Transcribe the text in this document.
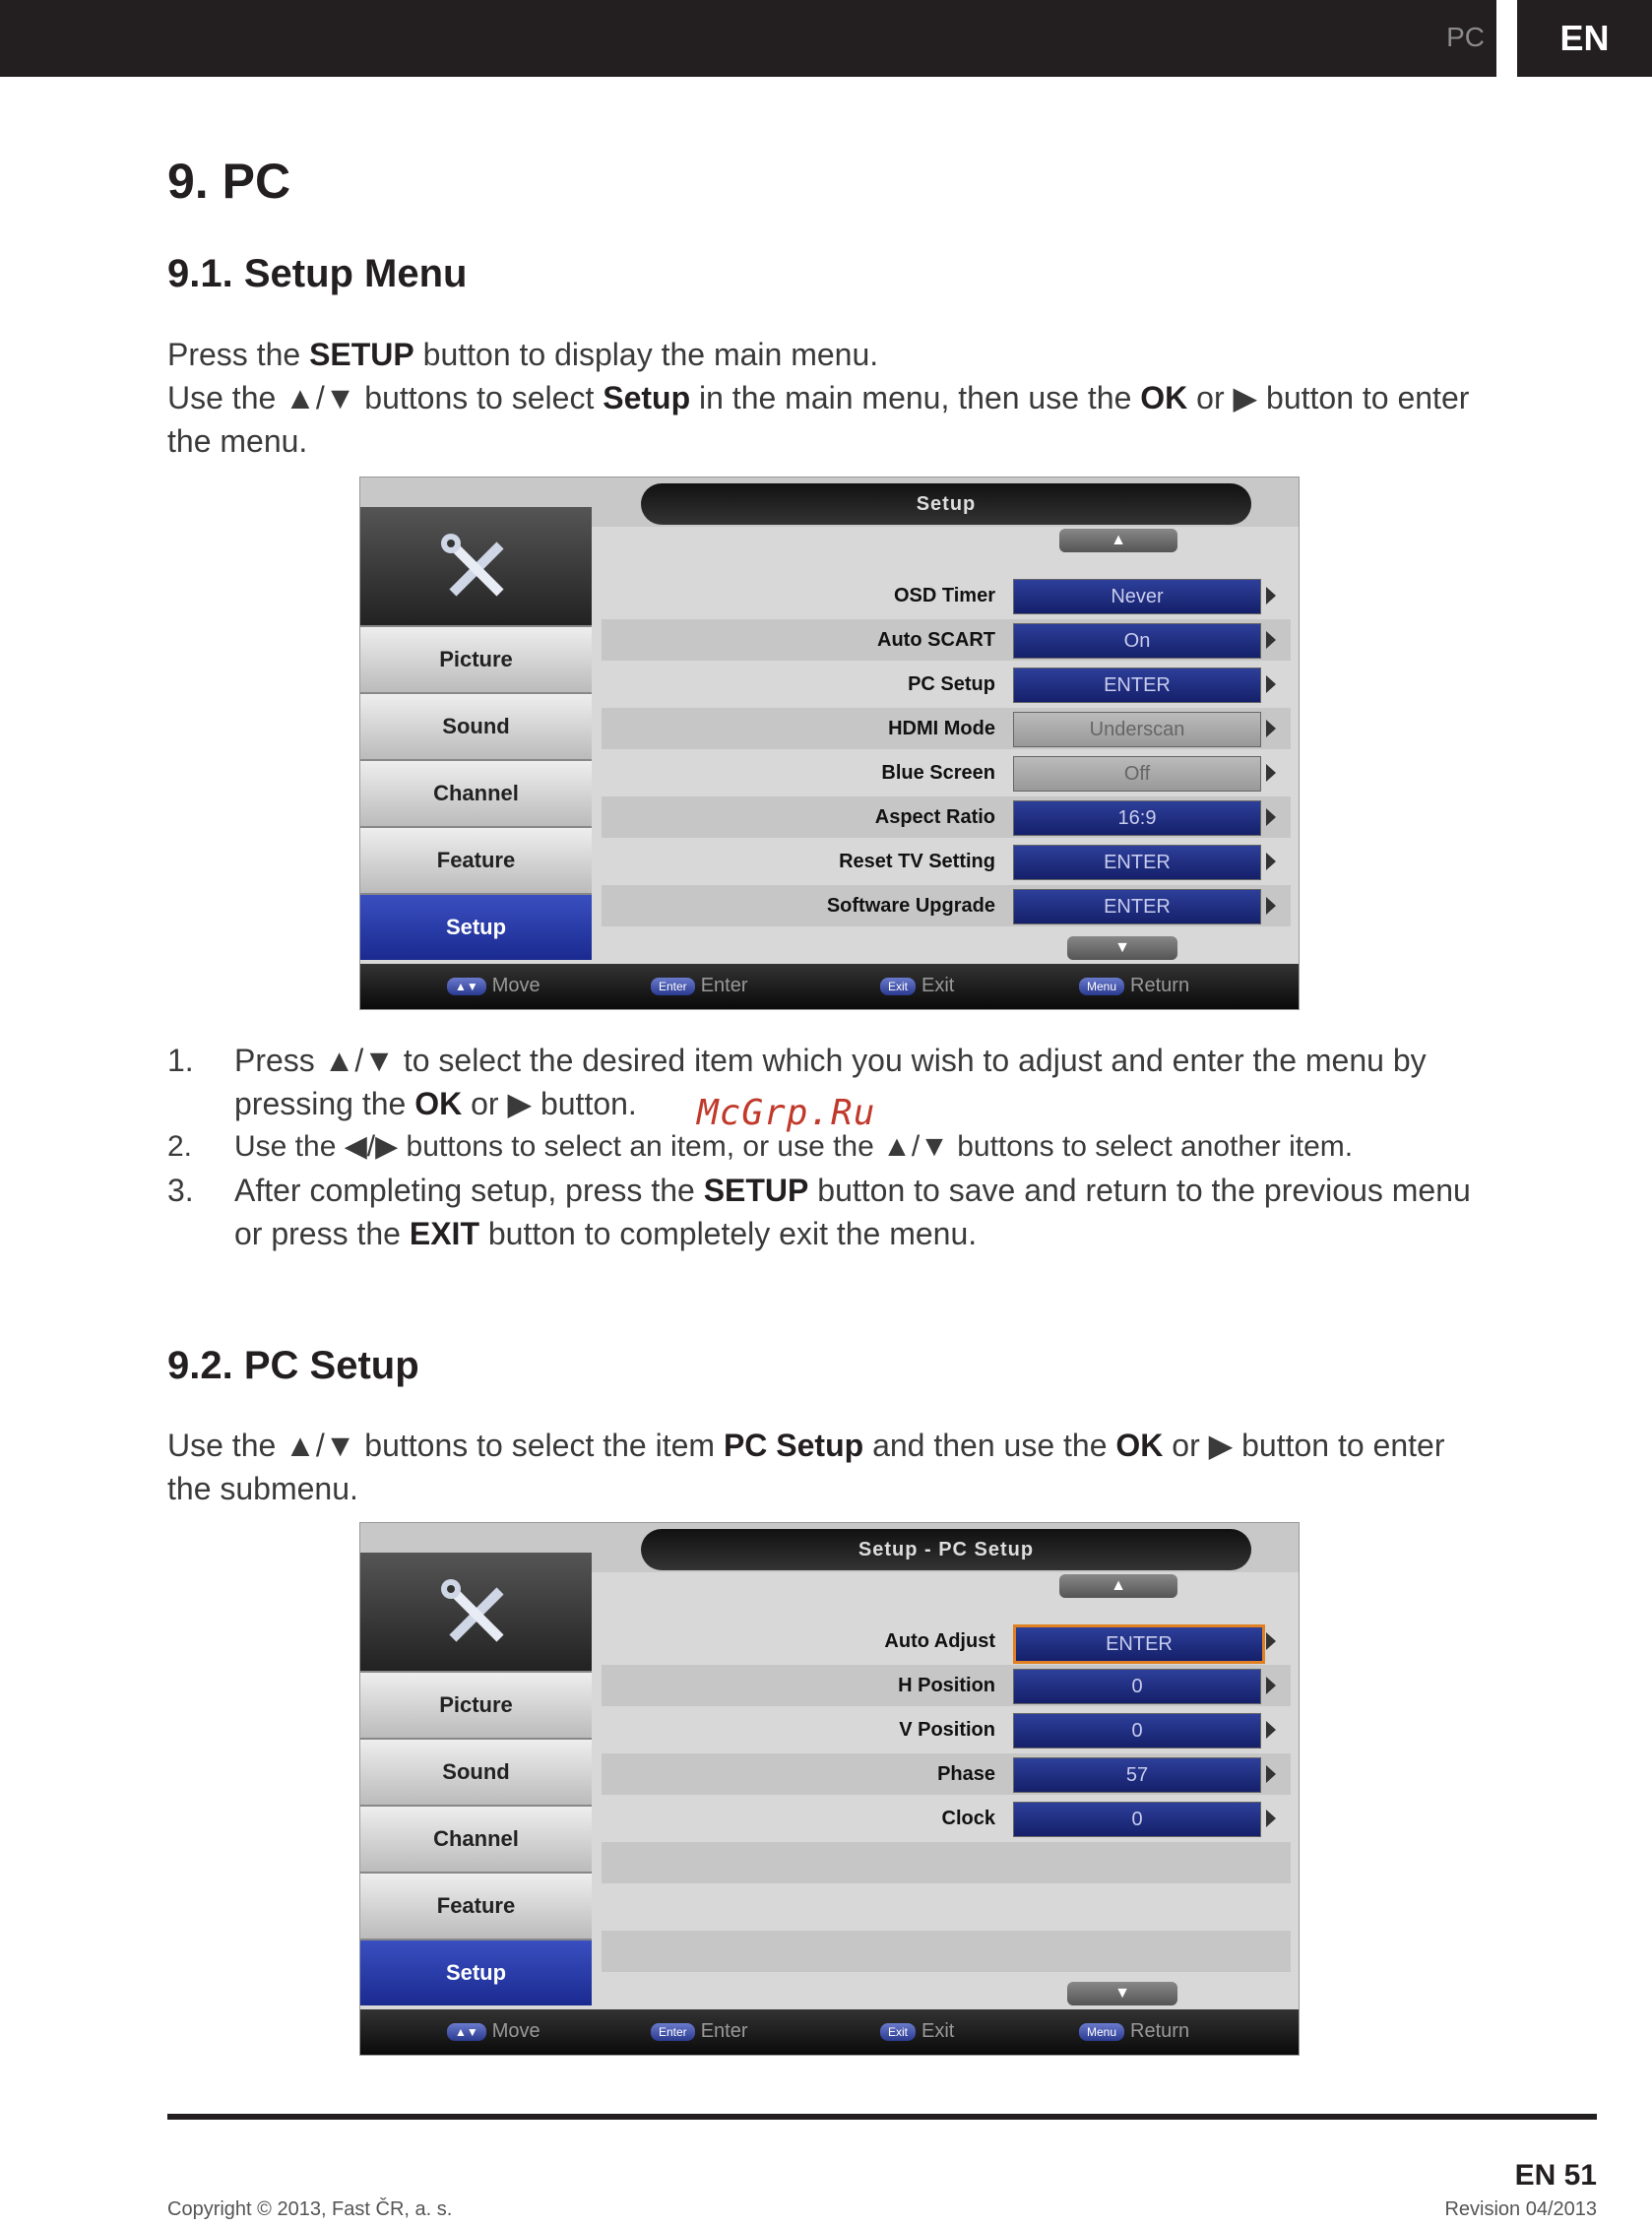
PC	EN
9. PC
9.1. Setup Menu
Press the SETUP button to display the main menu.
Use the ▲/▼ buttons to select Setup in the main menu, then use the OK or ▶ button to enter the menu.
Setup
Picture
Sound
Channel
Feature
Setup
▲
OSD Timer	Never
Auto SCART	On
PC Setup	ENTER
HDMI Mode	Underscan
Blue Screen	Off
Aspect Ratio	16:9
Reset TV Setting	ENTER
Software Upgrade	ENTER
▼
▲▼ Move	Enter Enter	Exit Exit	Menu Return
1. Press ▲/▼ to select the desired item which you wish to adjust and enter the menu by pressing the OK or ▶ button.
2. Use the ◀/▶ buttons to select an item, or use the ▲/▼ buttons to select another item.
3. After completing setup, press the SETUP button to save and return to the previous menu or press the EXIT button to completely exit the menu.
McGrp.Ru
9.2. PC Setup
Use the ▲/▼ buttons to select the item PC Setup and then use the OK or ▶ button to enter the submenu.
Setup - PC Setup
Picture
Sound
Channel
Feature
Setup
▲
Auto Adjust	ENTER
H Position	0
V Position	0
Phase	57
Clock	0
▼
▲▼ Move	Enter Enter	Exit Exit	Menu Return
EN 51
Copyright © 2013, Fast ČR, a. s.	Revision 04/2013
